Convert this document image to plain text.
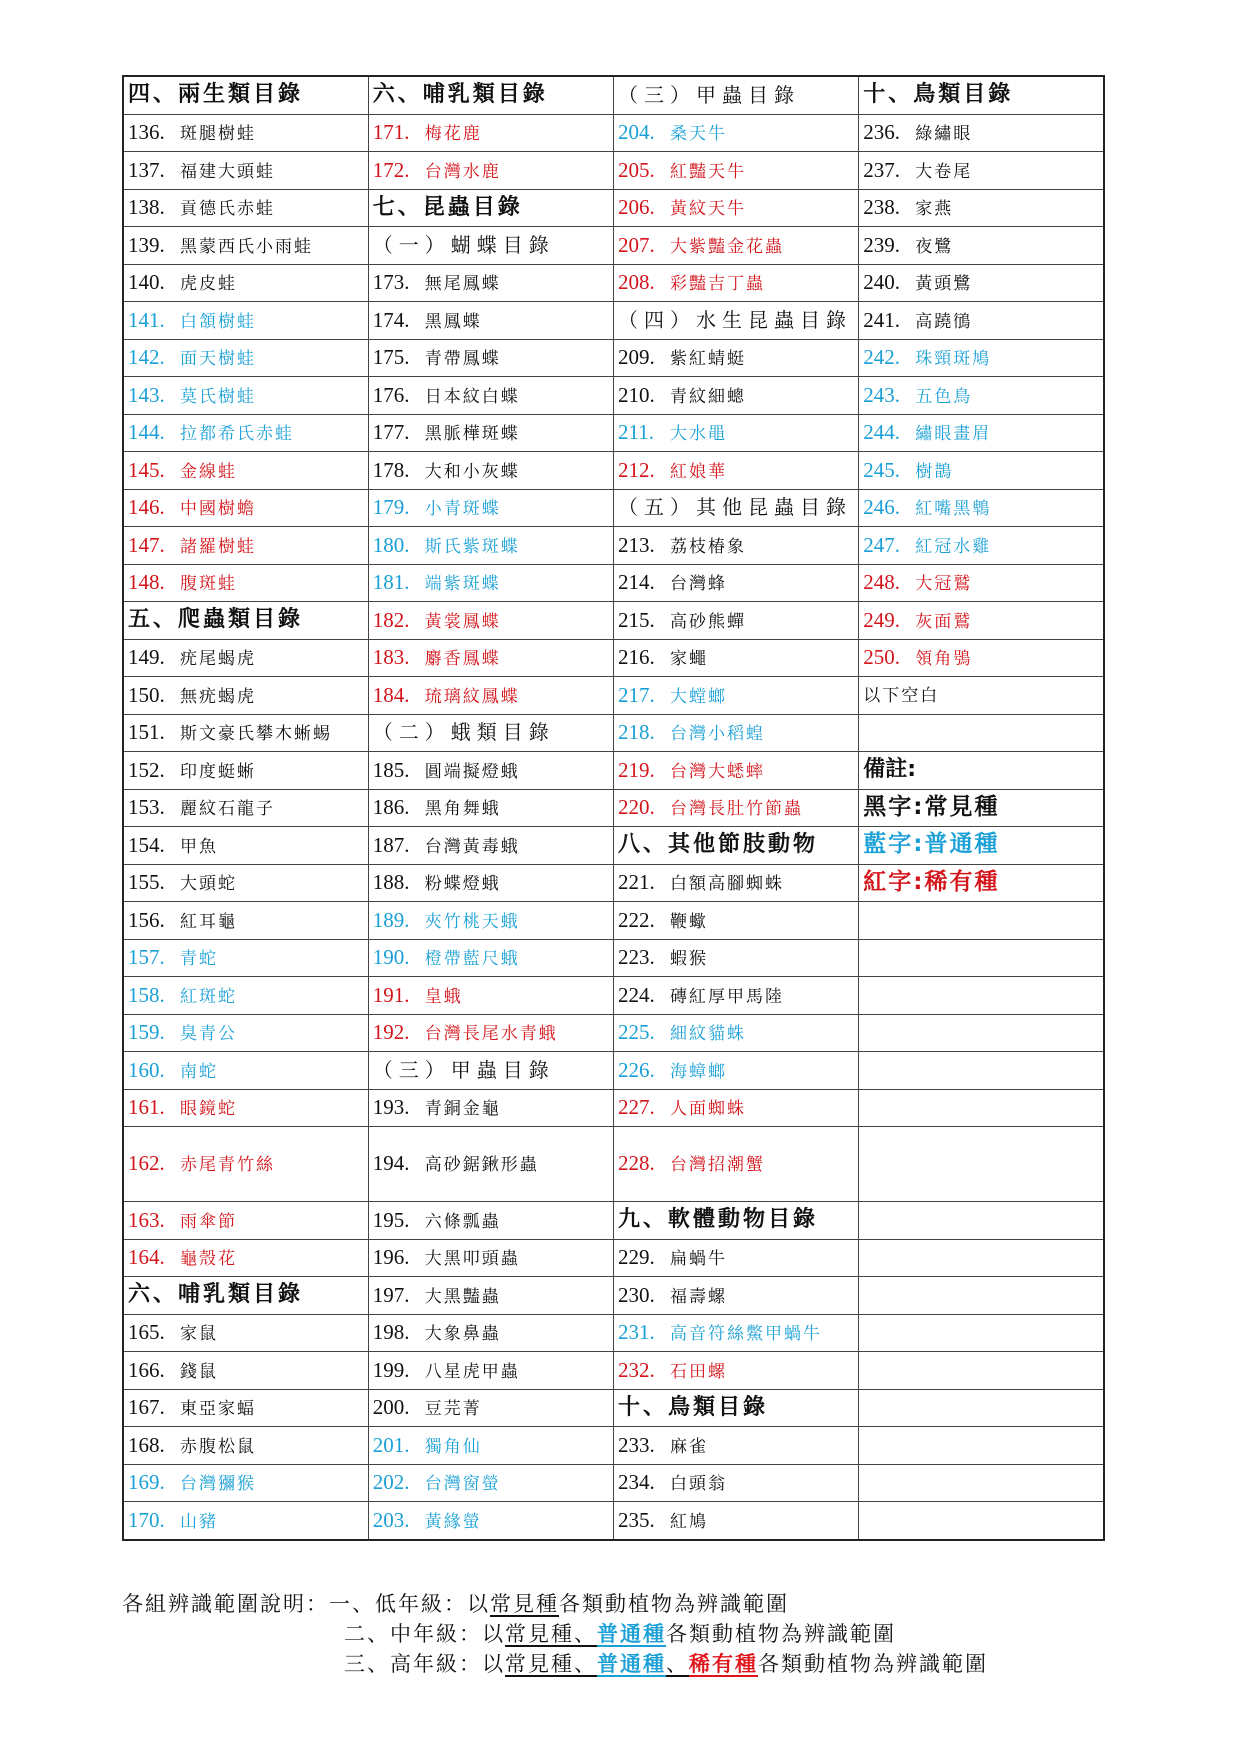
四、兩生類目錄	六、哺乳類目錄	（三）甲蟲目錄	十、鳥類目錄
136. 斑腿樹蛙	171. 梅花鹿	204. 桑天牛	236. 綠繡眼
137. 福建大頭蛙	172. 台灣水鹿	205. 紅豔天牛	237. 大卷尾
138. 貢德氏赤蛙	七、昆蟲目錄	206. 黃紋天牛	238. 家燕
139. 黑蒙西氏小雨蛙	（一）蝴蝶目錄	207. 大紫豔金花蟲	239. 夜鷺
140. 虎皮蛙	173. 無尾鳳蝶	208. 彩豔吉丁蟲	240. 黃頭鷺
141. 白頷樹蛙	174. 黑鳳蝶	（四）水生昆蟲目錄	241. 高蹺鴴
142. 面天樹蛙	175. 青帶鳳蝶	209. 紫紅蜻蜓	242. 珠頸斑鳩
143. 莫氏樹蛙	176. 日本紋白蝶	210. 青紋細蟌	243. 五色鳥
144. 拉都希氏赤蛙	177. 黑脈樺斑蝶	211. 大水黽	244. 繡眼畫眉
145. 金線蛙	178. 大和小灰蝶	212. 紅娘華	245. 樹鵲
146. 中國樹蟾	179. 小青斑蝶	（五）其他昆蟲目錄	246. 紅嘴黑鵯
147. 諸羅樹蛙	180. 斯氏紫斑蝶	213. 荔枝椿象	247. 紅冠水雞
148. 腹斑蛙	181. 端紫斑蝶	214. 台灣蜂	248. 大冠鷲
五、爬蟲類目錄	182. 黃裳鳳蝶	215. 高砂熊蟬	249. 灰面鷲
149. 疣尾蝎虎	183. 麝香鳳蝶	216. 家蠅	250. 領角鴞
150. 無疣蝎虎	184. 琉璃紋鳳蝶	217. 大螳螂	以下空白
151. 斯文豪氏攀木蜥蜴	（二）蛾類目錄	218. 台灣小稻蝗	
152. 印度蜓蜥	185. 圓端擬燈蛾	219. 台灣大蟋蟀	備註:
153. 麗紋石龍子	186. 黑角舞蛾	220. 台灣長肚竹節蟲	黑字:常見種
154. 甲魚	187. 台灣黃毒蛾	八、其他節肢動物	藍字:普通種
155. 大頭蛇	188. 粉蝶燈蛾	221. 白額高腳蜘蛛	紅字:稀有種
156. 紅耳龜	189. 夾竹桃天蛾	222. 鞭蠍	
157. 青蛇	190. 橙帶藍尺蛾	223. 蝦猴	
158. 紅斑蛇	191. 皇蛾	224. 磚紅厚甲馬陸	
159. 臭青公	192. 台灣長尾水青蛾	225. 細紋貓蛛	
160. 南蛇	（三）甲蟲目錄	226. 海蟑螂	
161. 眼鏡蛇	193. 青銅金龜	227. 人面蜘蛛	
162. 赤尾青竹絲	194. 高砂鋸鍬形蟲	228. 台灣招潮蟹	
163. 雨傘節	195. 六條瓢蟲	九、軟體動物目錄	
164. 龜殼花	196. 大黑叩頭蟲	229. 扁蝸牛	
六、哺乳類目錄	197. 大黑豔蟲	230. 福壽螺	
165. 家鼠	198. 大象鼻蟲	231. 高音符絲鱉甲蝸牛	
166. 錢鼠	199. 八星虎甲蟲	232. 石田螺	
167. 東亞家蝠	200. 豆芫菁	十、鳥類目錄	
168. 赤腹松鼠	201. 獨角仙	233. 麻雀	
169. 台灣獼猴	202. 台灣窗螢	234. 白頭翁	
170. 山豬	203. 黃緣螢	235. 紅鳩	
各組辨識範圍說明：一、低年級：以常見種各類動植物為辨識範圍
二、中年級：以常見種、普通種各類動植物為辨識範圍
三、高年級：以常見種、普通種、稀有種各類動植物為辨識範圍
